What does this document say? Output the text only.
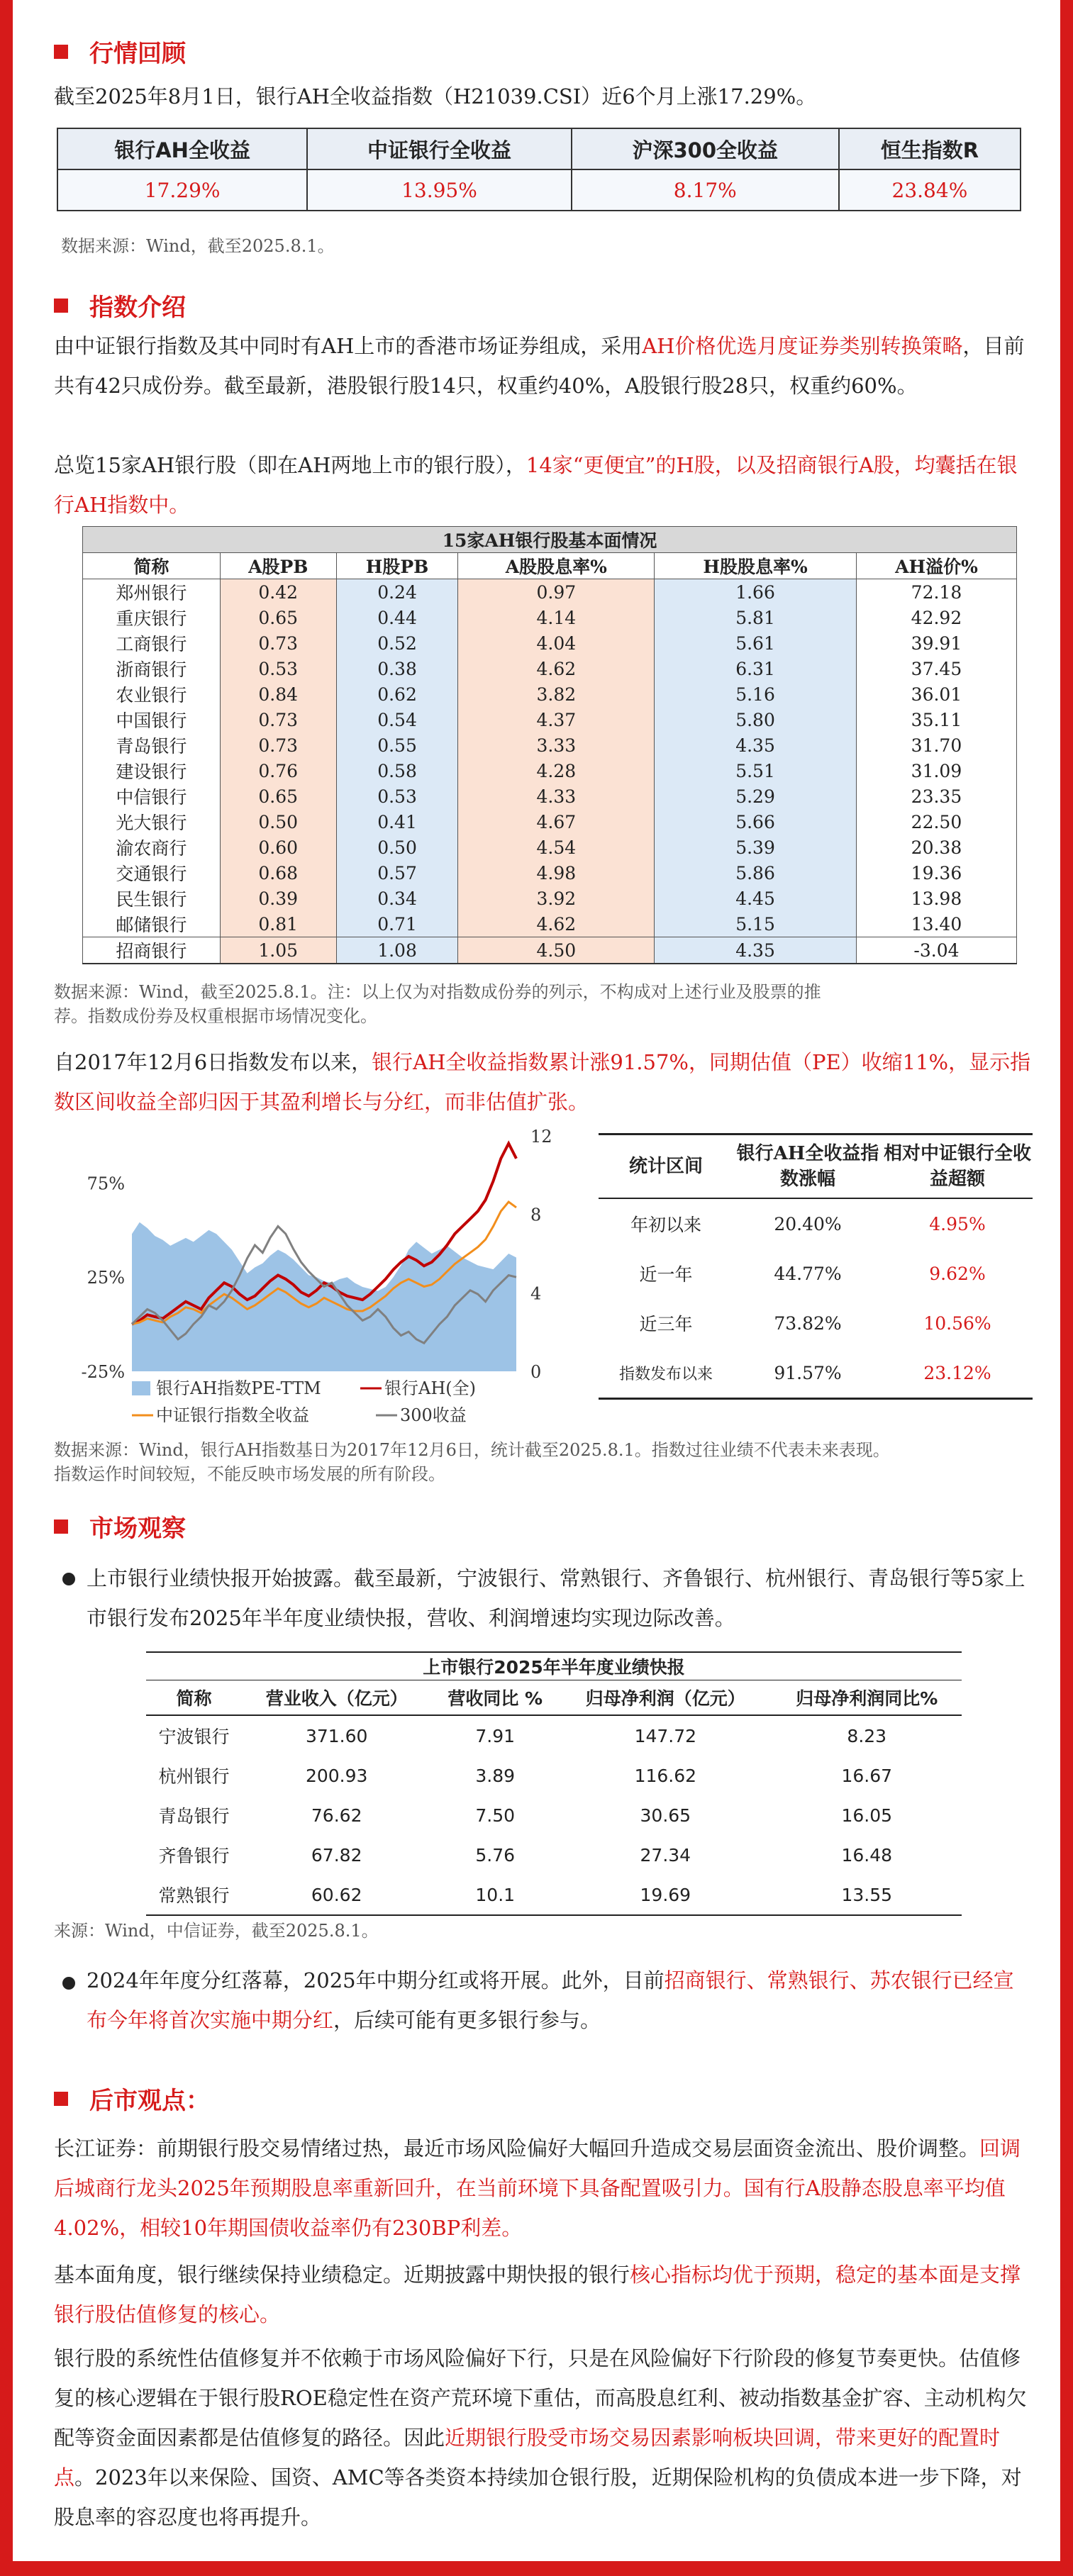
行情回顾
截至2025年8月1日，银行AH全收益指数（H21039.CSI）近6个月上涨17.29%。
银行AH全收益	中证银行全收益	沪深300全收益	恒生指数R
17.29%	13.95%	8.17%	23.84%
数据来源：Wind，截至2025.8.1。
指数介绍
由中证银行指数及其中同时有AH上市的香港市场证券组成，采用AH价格优选月度证券类别转换策略，目前共有42只成份券。截至最新，港股银行股14只，权重约40%，A股银行股28只，权重约60%。
总览15家AH银行股（即在AH两地上市的银行股），14家“更便宜”的H股，以及招商银行A股，均囊括在银行AH指数中。
15家AH银行股基本面情况					
简称	A股PB	H股PB	A股股息率%	H股股息率%	AH溢价%
郑州银行	0.42	0.24	0.97	1.66	72.18
重庆银行	0.65	0.44	4.14	5.81	42.92
工商银行	0.73	0.52	4.04	5.61	39.91
浙商银行	0.53	0.38	4.62	6.31	37.45
农业银行	0.84	0.62	3.82	5.16	36.01
中国银行	0.73	0.54	4.37	5.80	35.11
青岛银行	0.73	0.55	3.33	4.35	31.70
建设银行	0.76	0.58	4.28	5.51	31.09
中信银行	0.65	0.53	4.33	5.29	23.35
光大银行	0.50	0.41	4.67	5.66	22.50
渝农商行	0.60	0.50	4.54	5.39	20.38
交通银行	0.68	0.57	4.98	5.86	19.36
民生银行	0.39	0.34	3.92	4.45	13.98
邮储银行	0.81	0.71	4.62	5.15	13.40
招商银行	1.05	1.08	4.50	4.35	-3.04
数据来源：Wind，截至2025.8.1。注：以上仅为对指数成份券的列示，不构成对上述行业及股票的推
荐。指数成份券及权重根据市场情况变化。
自2017年12月6日指数发布以来，银行AH全收益指数累计涨91.57%，同期估值（PE）收缩11%，显示指数区间收益全部归因于其盈利增长与分红，而非估值扩张。
75%
25%
-25%
12
8
4
0
银行AH指数PE-TTM	银行AH(全)
中证银行指数全收益	300收益
统计区间	银行AH全收益指数涨幅	相对中证银行全收益超额
年初以来	20.40%	4.95%
近一年	44.77%	9.62%
近三年	73.82%	10.56%
指数发布以来	91.57%	23.12%
数据来源：Wind，银行AH指数基日为2017年12月6日，统计截至2025.8.1。指数过往业绩不代表未来表现。
指数运作时间较短，不能反映市场发展的所有阶段。
市场观察
上市银行业绩快报开始披露。截至最新，宁波银行、常熟银行、齐鲁银行、杭州银行、青岛银行等5家上市银行发布2025年半年度业绩快报，营收、利润增速均实现边际改善。
上市银行2025年半年度业绩快报				
简称	营业收入（亿元）	营收同比 %	归母净利润（亿元）	归母净利润同比%
宁波银行	371.60	7.91	147.72	8.23
杭州银行	200.93	3.89	116.62	16.67
青岛银行	76.62	7.50	30.65	16.05
齐鲁银行	67.82	5.76	27.34	16.48
常熟银行	60.62	10.1	19.69	13.55
来源：Wind，中信证券，截至2025.8.1。
2024年年度分红落幕，2025年中期分红或将开展。此外，目前招商银行、常熟银行、苏农银行已经宣布今年将首次实施中期分红，后续可能有更多银行参与。
后市观点：
长江证券：前期银行股交易情绪过热，最近市场风险偏好大幅回升造成交易层面资金流出、股价调整。回调后城商行龙头2025年预期股息率重新回升，在当前环境下具备配置吸引力。国有行A股静态股息率平均值4.02%，相较10年期国债收益率仍有230BP利差。
基本面角度，银行继续保持业绩稳定。近期披露中期快报的银行核心指标均优于预期，稳定的基本面是支撑银行股估值修复的核心。
银行股的系统性估值修复并不依赖于市场风险偏好下行，只是在风险偏好下行阶段的修复节奏更快。估值修复的核心逻辑在于银行股ROE稳定性在资产荒环境下重估，而高股息红利、被动指数基金扩容、主动机构欠配等资金面因素都是估值修复的路径。因此近期银行股受市场交易因素影响板块回调，带来更好的配置时点。2023年以来保险、国资、AMC等各类资本持续加仓银行股，近期保险机构的负债成本进一步下降，对股息率的容忍度也将再提升。
